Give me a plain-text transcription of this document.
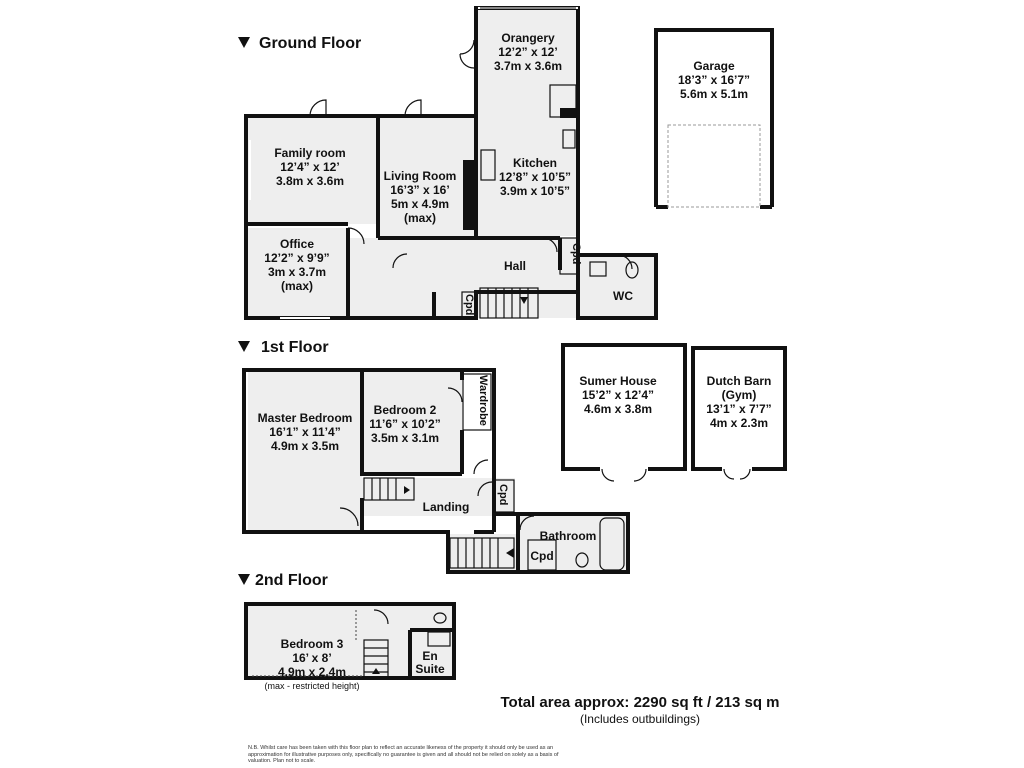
Ground Floor
1st Floor
2nd Floor
Orangery
12’2” x 12’
3.7m x 3.6m
Family room
12’4” x 12’
3.8m x 3.6m	Living Room
16’3” x 16’
5m x 4.9m
(max)
Kitchen
12’8” x 10’5”
3.9m x 10’5”
Office
12’2” x 9’9”
3m x 3.7m
(max)
Hall
WC
Cpd
Cpd
Garage
18’3” x 16’7”
5.6m x 5.1m
Master Bedroom
16’1” x 11’4”
4.9m x 3.5m
Bedroom 2
11’6” x 10’2”
3.5m x 3.1m
Wardrobe
Landing
Cpd
Bathroom
Cpd
Sumer House
15’2” x 12’4”
4.6m x 3.8m
Dutch Barn
(Gym)
13’1” x 7’7”
4m x 2.3m
Bedroom 3
16’ x 8’
4.9m x 2.4m
(max - restricted height)
En
Suite
Total area approx: 2290 sq ft / 213 sq m
(Includes outbuildings)
N.B. Whilst care has been taken with this floor plan to reflect an accurate likeness of the property it should only be used as an approximation for illustrative purposes only, specifically no guarantee is given and all should not be relied on solely as a basis of valuation. Plan not to scale.
